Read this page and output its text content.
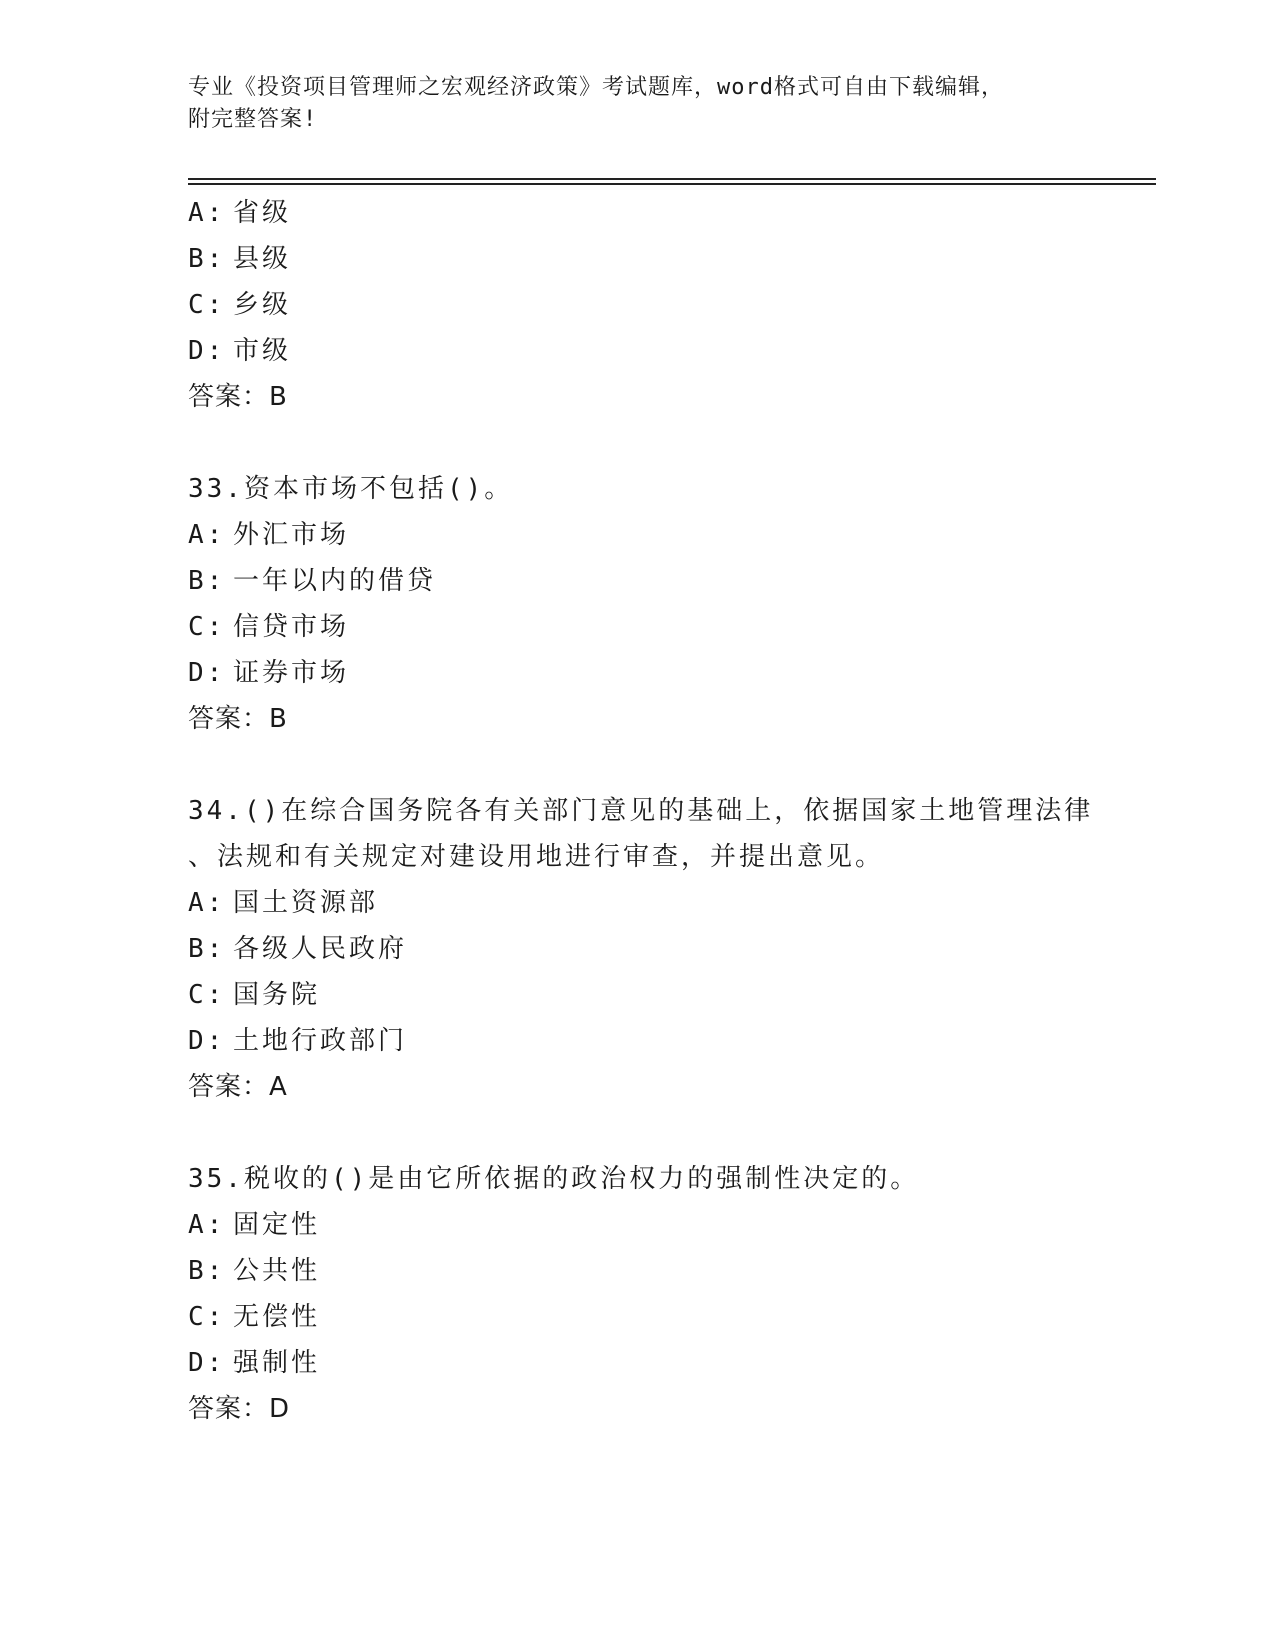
专业《投资项目管理师之宏观经济政策》考试题库，word格式可自由下载编辑，
附完整答案!
A: 省级
B: 县级
C: 乡级
D: 市级
答案：B
33.资本市场不包括()。
A: 外汇市场
B: 一年以内的借贷
C: 信贷市场
D: 证券市场
答案：B
34.()在综合国务院各有关部门意见的基础上，依据国家土地管理法律
、法规和有关规定对建设用地进行审查，并提出意见。
A: 国土资源部
B: 各级人民政府
C: 国务院
D: 土地行政部门
答案：A
35.税收的()是由它所依据的政治权力的强制性决定的。
A: 固定性
B: 公共性
C: 无偿性
D: 强制性
答案：D
